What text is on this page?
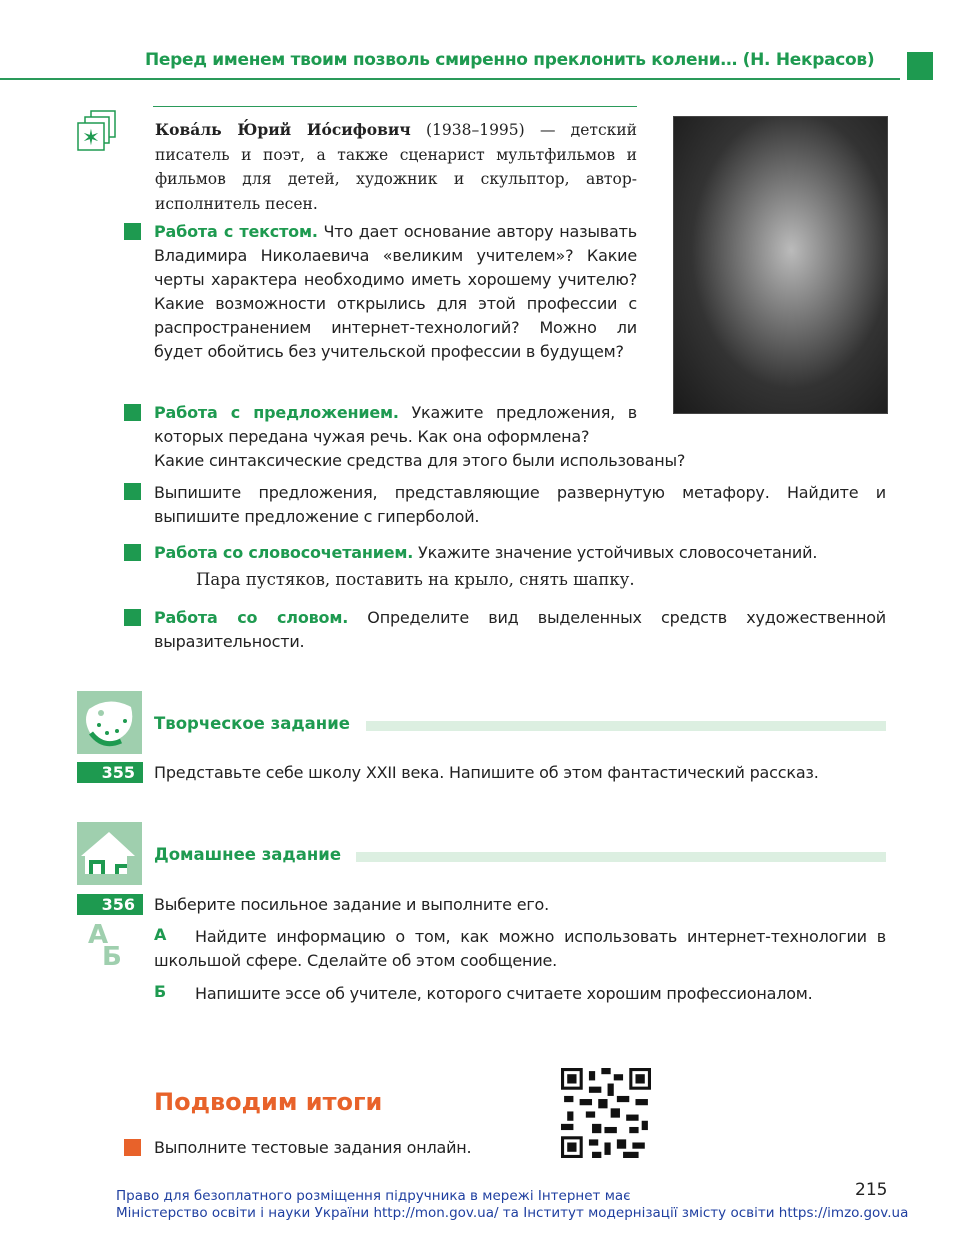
Перед именем твоим позволь смиренно преклонить колени… (Н. Некрасов)
✶	Кова́ль Ю́рий Ио́сифович (1938–1995) — детский писатель и поэт, а также сценарист мультфильмов и фильмов для детей, художник и скульптор, автор-исполнитель песен.
Работа с текстом. Что дает основание автору называть Владимира Николаевича «великим учителем»? Какие черты характера необходимо иметь хорошему учителю? Какие возможности открылись для этой профессии с распространением интернет-технологий? Можно ли будет обойтись без учительской профессии в будущем?
Работа с предложением. Укажите предложения, в которых передана чужая речь. Как она оформлена?
Какие синтаксические средства для этого были использованы?
Выпишите предложения, представляющие развернутую метафору. Найдите и выпишите предложение с гиперболой.
Работа со словосочетанием. Укажите значение устойчивых словосочетаний.
Пара пустяков, поставить на крыло, снять шапку.
Работа со словом. Определите вид выделенных средств художественной выразительности.
Творческое задание
355	Представьте себе школу XXII века. Напишите об этом фантастический рассказ.
Домашнее задание
356	Выберите посильное задание и выполните его.
А
Б
А	Найдите информацию о том, как можно использовать интернет-технологии в школьшой сфере. Сделайте об этом сообщение.
Б Напишите эссе об учителе, которого считаете хорошим профессионалом.
Подводим итоги
Выполните тестовые задания онлайн.
215
Право для безоплатного розміщення підручника в мережі Інтернет має
Міністерство освіти і науки України http://mon.gov.ua/ та Інститут модернізації змісту освіти https://imzo.gov.ua
